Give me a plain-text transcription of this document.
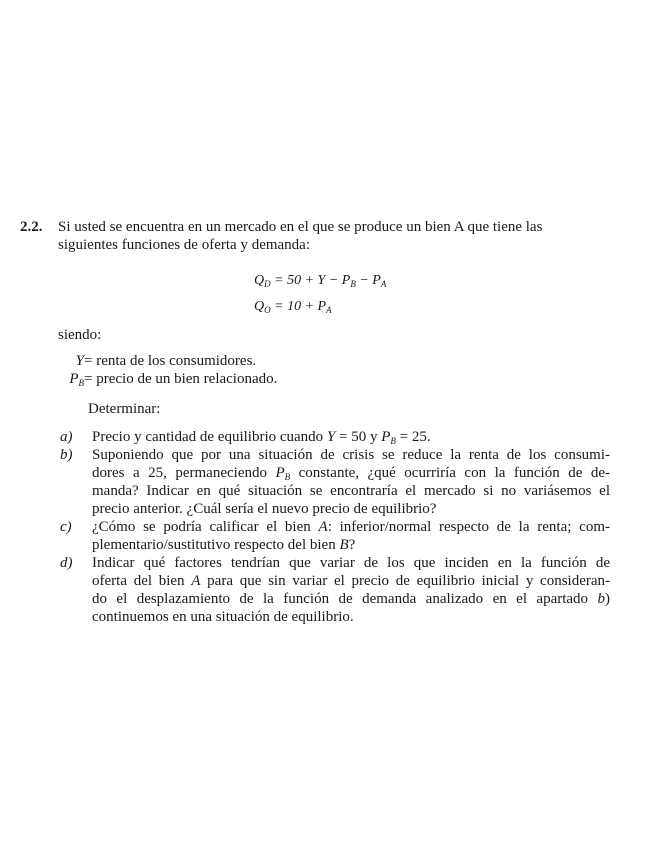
2.2.	Si usted se encuentra en un mercado en el que se produce un bien A que tiene las
siguientes funciones de oferta y demanda:
$Q_D = 50 + Y - P_B - P_A$
$Q_O = 10 + P_A$
siendo:
Y= renta de los consumidores.
$P_B=$ precio de un bien relacionado.
Determinar:
a)	Precio y cantidad de equilibrio cuando Y = 50 y $P_B = 25$.
b)	Suponiendo que por una situación de crisis se reduce la renta de los consumi-
dores a 25, permaneciendo $P_B$ constante, ¿qué ocurriría con la función de de-
manda? Indicar en qué situación se encontraría el mercado si no variásemos el
precio anterior. ¿Cuál sería el nuevo precio de equilibrio?
c)	¿Cómo se podría calificar el bien A: inferior/normal respecto de la renta; com-
plementario/sustitutivo respecto del bien B?
d)	Indicar qué factores tendrían que variar de los que inciden en la función de
oferta del bien A para que sin variar el precio de equilibrio inicial y consideran-
do el desplazamiento de la función de demanda analizado en el apartado b)
continuemos en una situación de equilibrio.
